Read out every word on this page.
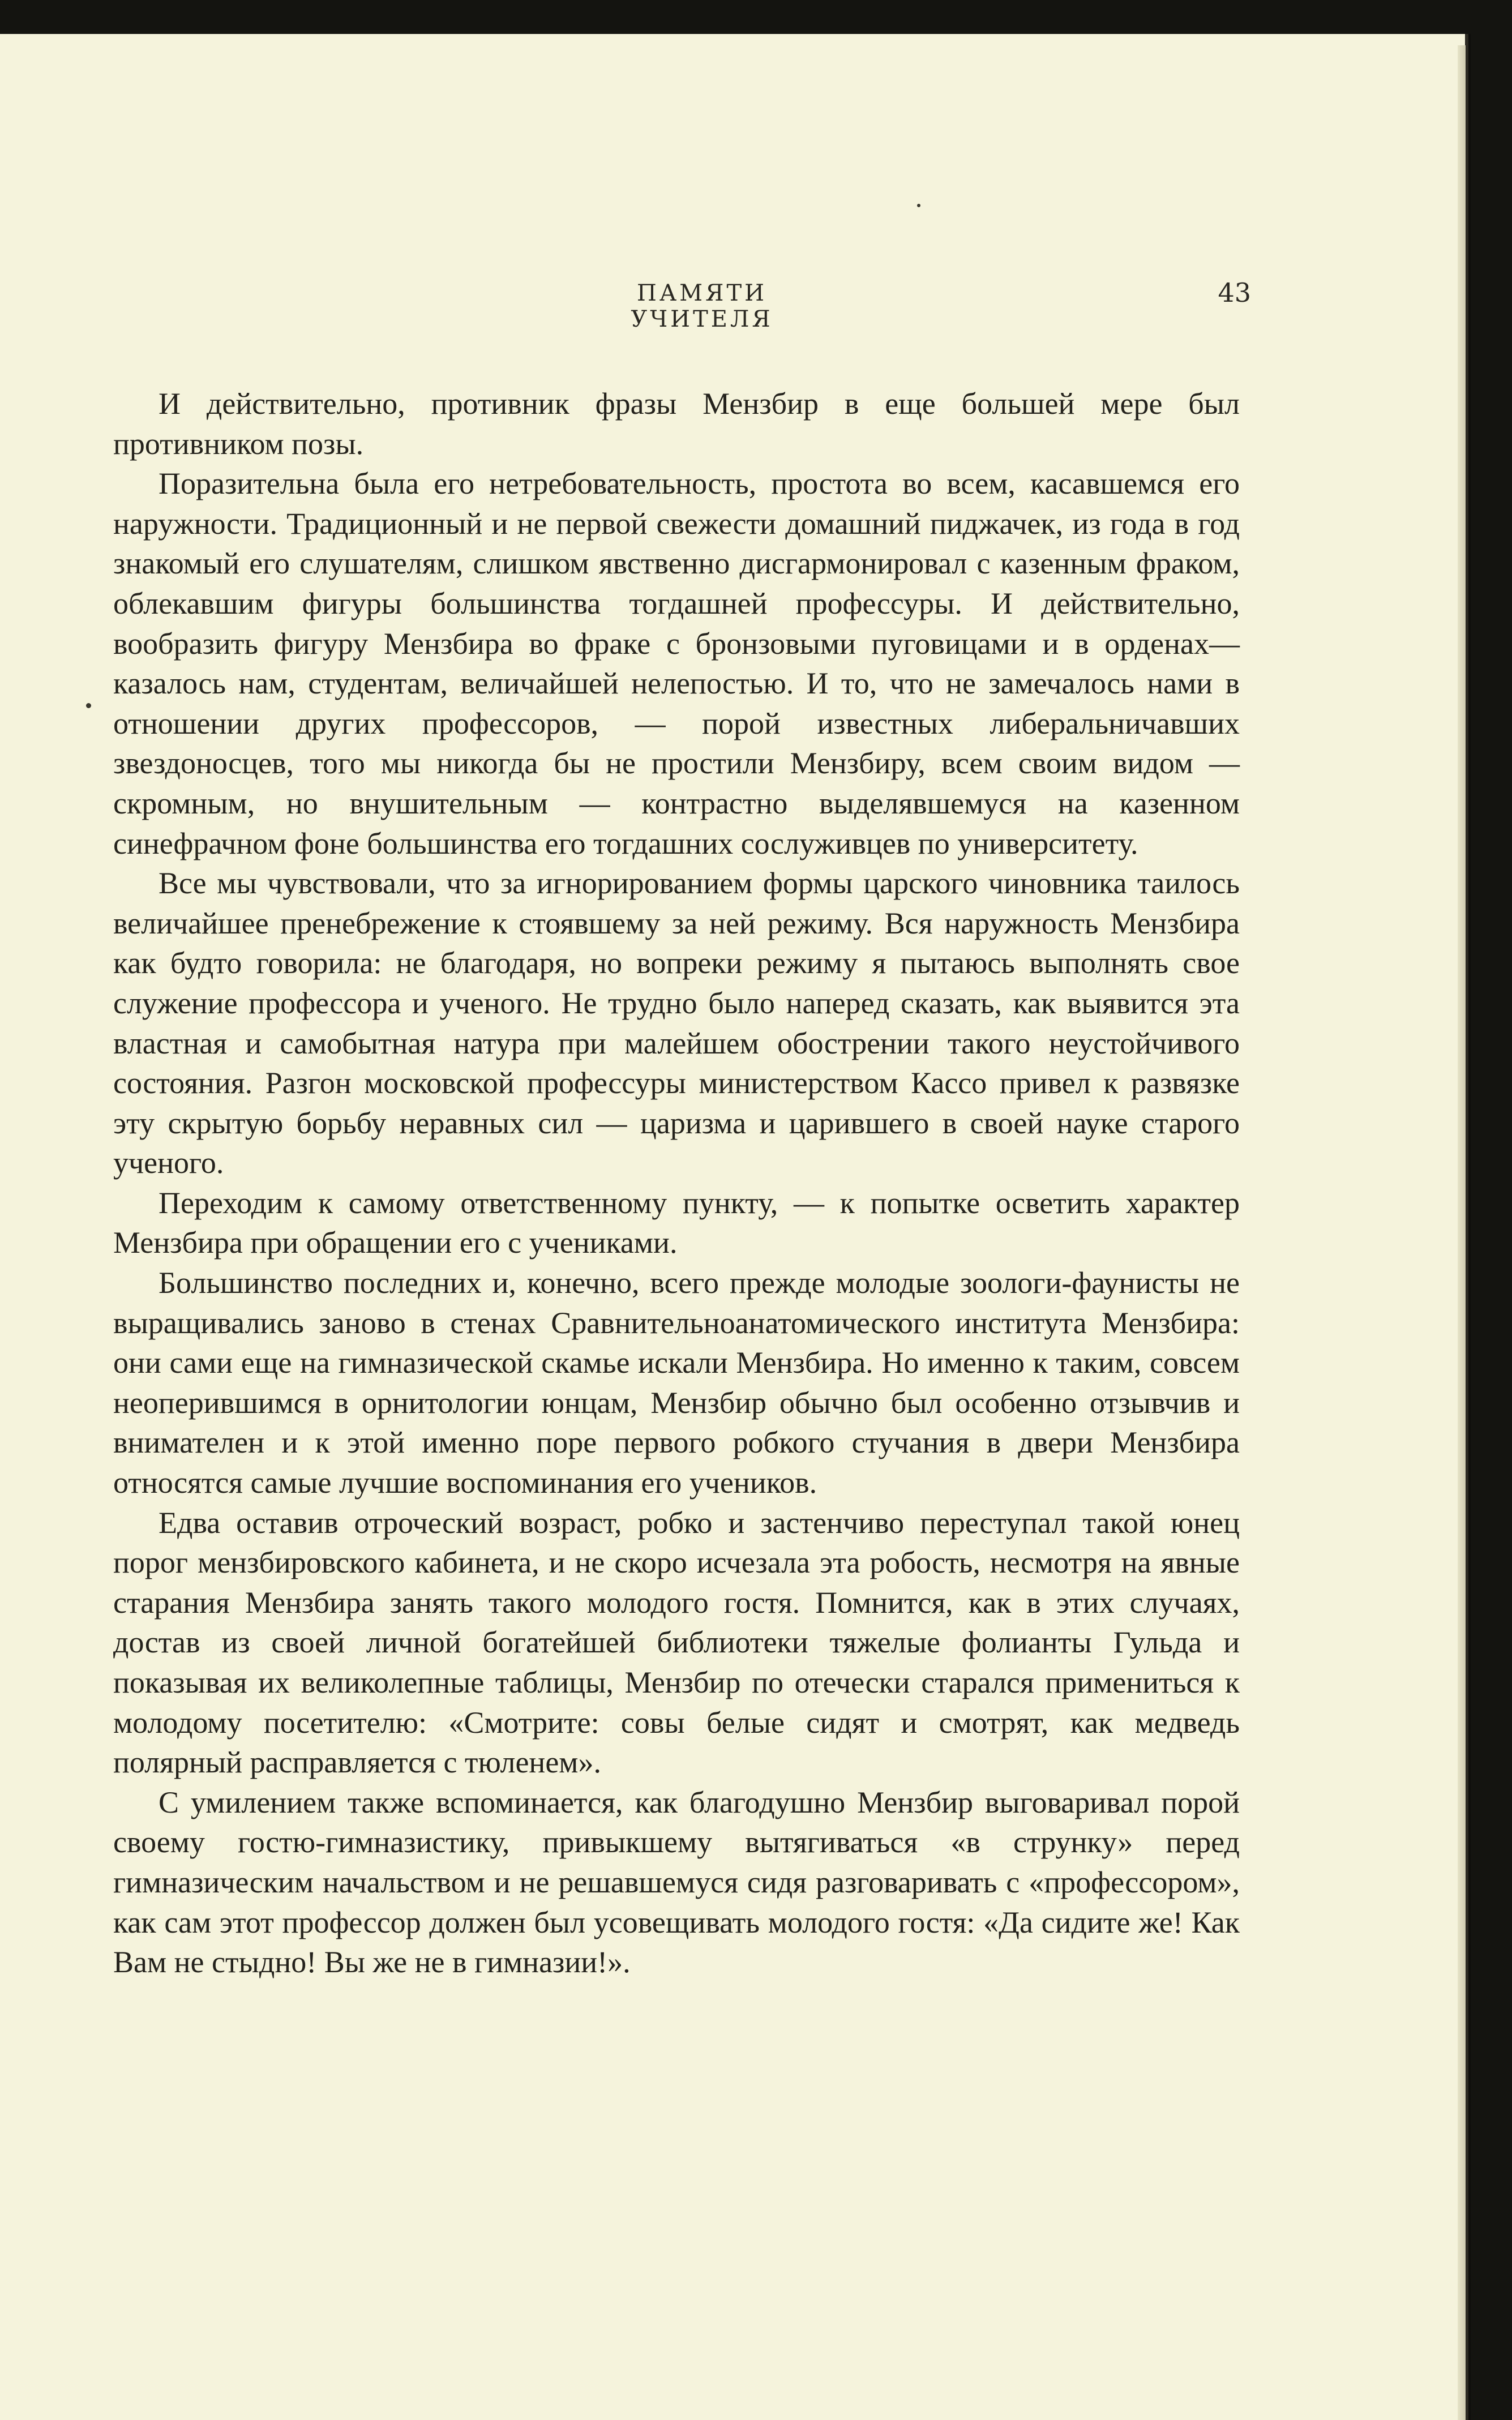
ПАМЯТИ УЧИТЕЛЯ
43

И действительно, противник фразы Мензбир в еще большей мере был противником позы.

Поразительна была его нетребовательность, простота во всем, касавшемся его наружности. Традиционный и не первой свежести домашний пиджачек, из года в год знакомый его слушателям, слишком явственно дисгармонировал с казенным фраком, облекавшим фигуры большинства тогдашней профессуры. И действительно, вообразить фигуру Мензбира во фраке с бронзовыми пуговицами и в орденах—казалось нам, студентам, величайшей нелепостью. И то, что не замечалось нами в отношении других профессоров, — порой известных либеральничавших звездоносцев, того мы никогда бы не простили Мензбиру, всем своим видом — скромным, но внушительным — контрастно выделявшемуся на казенном синефрачном фоне большинства его тогдашних сослуживцев по университету.

Все мы чувствовали, что за игнорированием формы царского чиновника таилось величайшее пренебрежение к стоявшему за ней режиму. Вся наружность Мензбира как будто говорила: не благодаря, но вопреки режиму я пытаюсь выполнять свое служение профессора и ученого. Не трудно было наперед сказать, как выявится эта властная и самобытная натура при малейшем обострении такого неустойчивого состояния. Разгон московской профессуры министерством Кассо привел к развязке эту скрытую борьбу неравных сил — царизма и царившего в своей науке старого ученого.

Переходим к самому ответственному пункту, — к попытке осветить характер Мензбира при обращении его с учениками.

Большинство последних и, конечно, всего прежде молодые зоологи-фаунисты не выращивались заново в стенах Сравнительноанатомического института Мензбира: они сами еще на гимназической скамье искали Мензбира. Но именно к таким, совсем неоперившимся в орнитологии юнцам, Мензбир обычно был особенно отзывчив и внимателен и к этой именно поре первого робкого стучания в двери Мензбира относятся самые лучшие воспоминания его учеников.

Едва оставив отроческий возраст, робко и застенчиво переступал такой юнец порог мензбировского кабинета, и не скоро исчезала эта робость, несмотря на явные старания Мензбира занять такого молодого гостя. Помнится, как в этих случаях, достав из своей личной богатейшей библиотеки тяжелые фолианты Гульда и показывая их великолепные таблицы, Мензбир по отечески старался примениться к молодому посетителю: «Смотрите: совы белые сидят и смотрят, как медведь полярный расправляется с тюленем».

С умилением также вспоминается, как благодушно Мензбир выговаривал порой своему гостю-гимназистику, привыкшему вытягиваться «в струнку» перед гимназическим начальством и не решавшемуся сидя разговаривать с «профессором», как сам этот профессор должен был усовещивать молодого гостя: «Да сидите же! Как Вам не стыдно! Вы же не в гимназии!».
